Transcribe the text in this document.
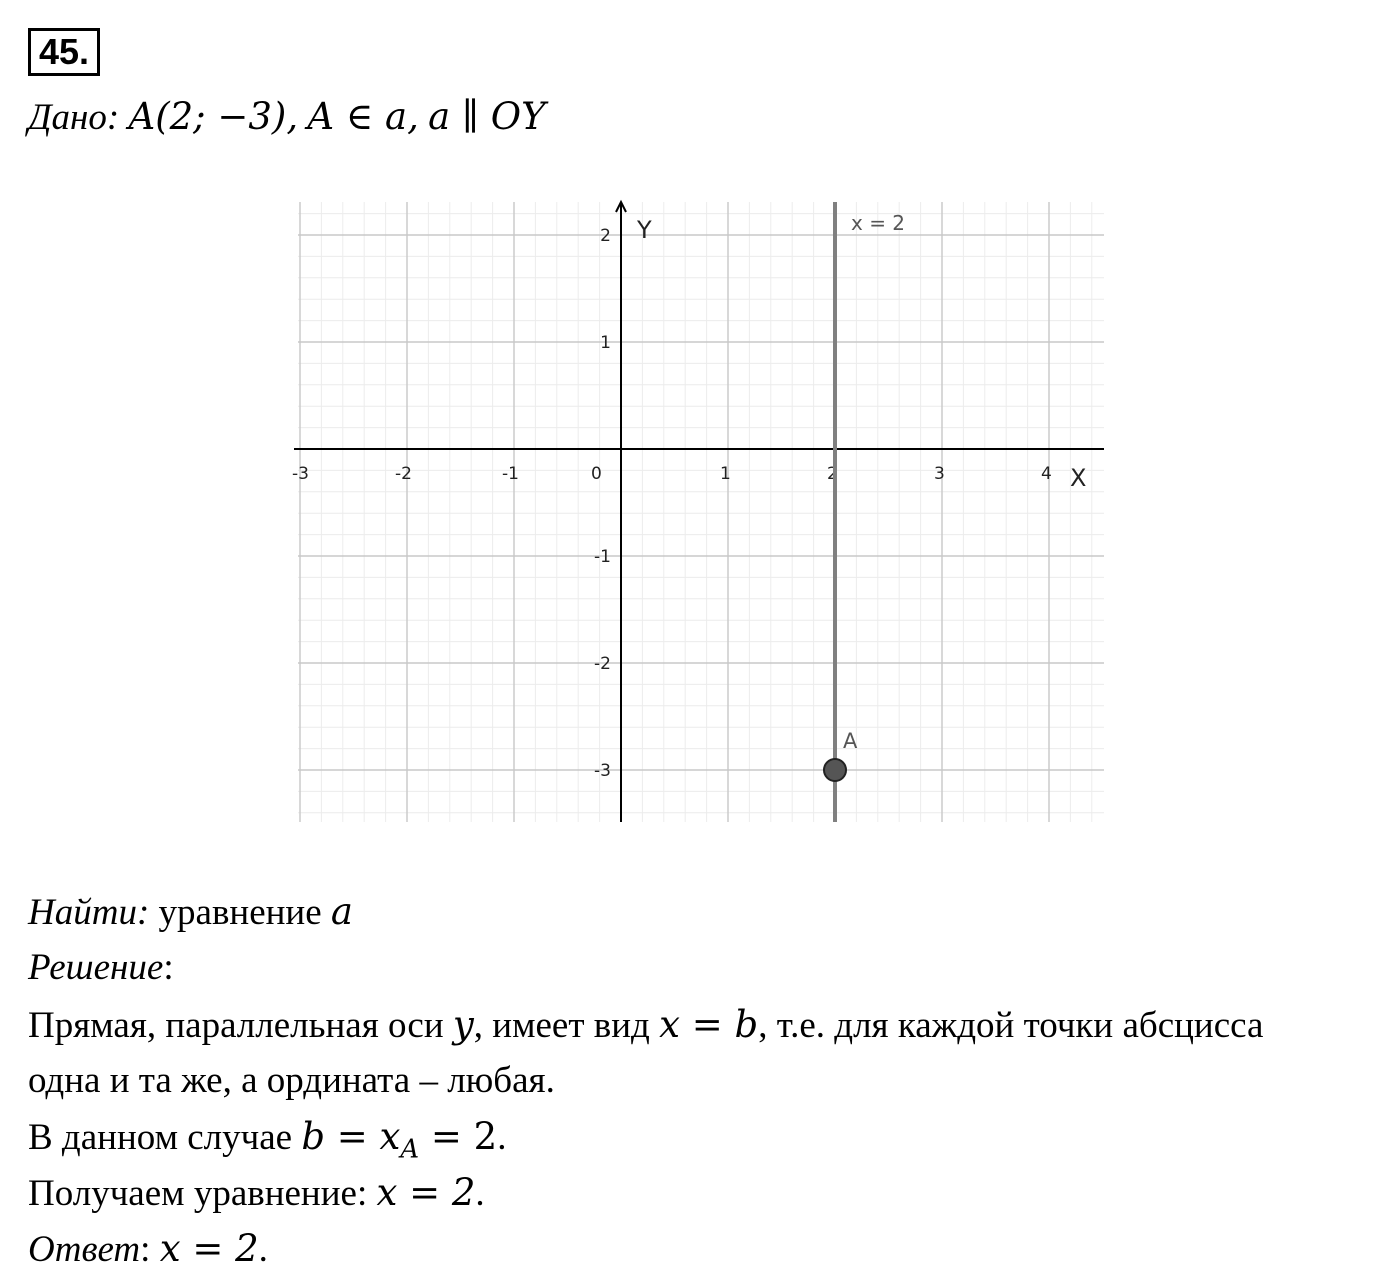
45.
Дано: A(2; −3), A ∈ a, a ∥ OY
Y
X
-3	-2	-1	0	1	2	3	4
2
1
-1
-2
-3
x = 2
A
Найти: уравнение a
Решение:
Прямая, параллельная оси y, имеет вид x = b, т.е. для каждой точки абсцисса
одна и та же, а ордината – любая.
В данном случае $b = x_A = 2$.
Получаем уравнение: x = 2.
Ответ: x = 2.
